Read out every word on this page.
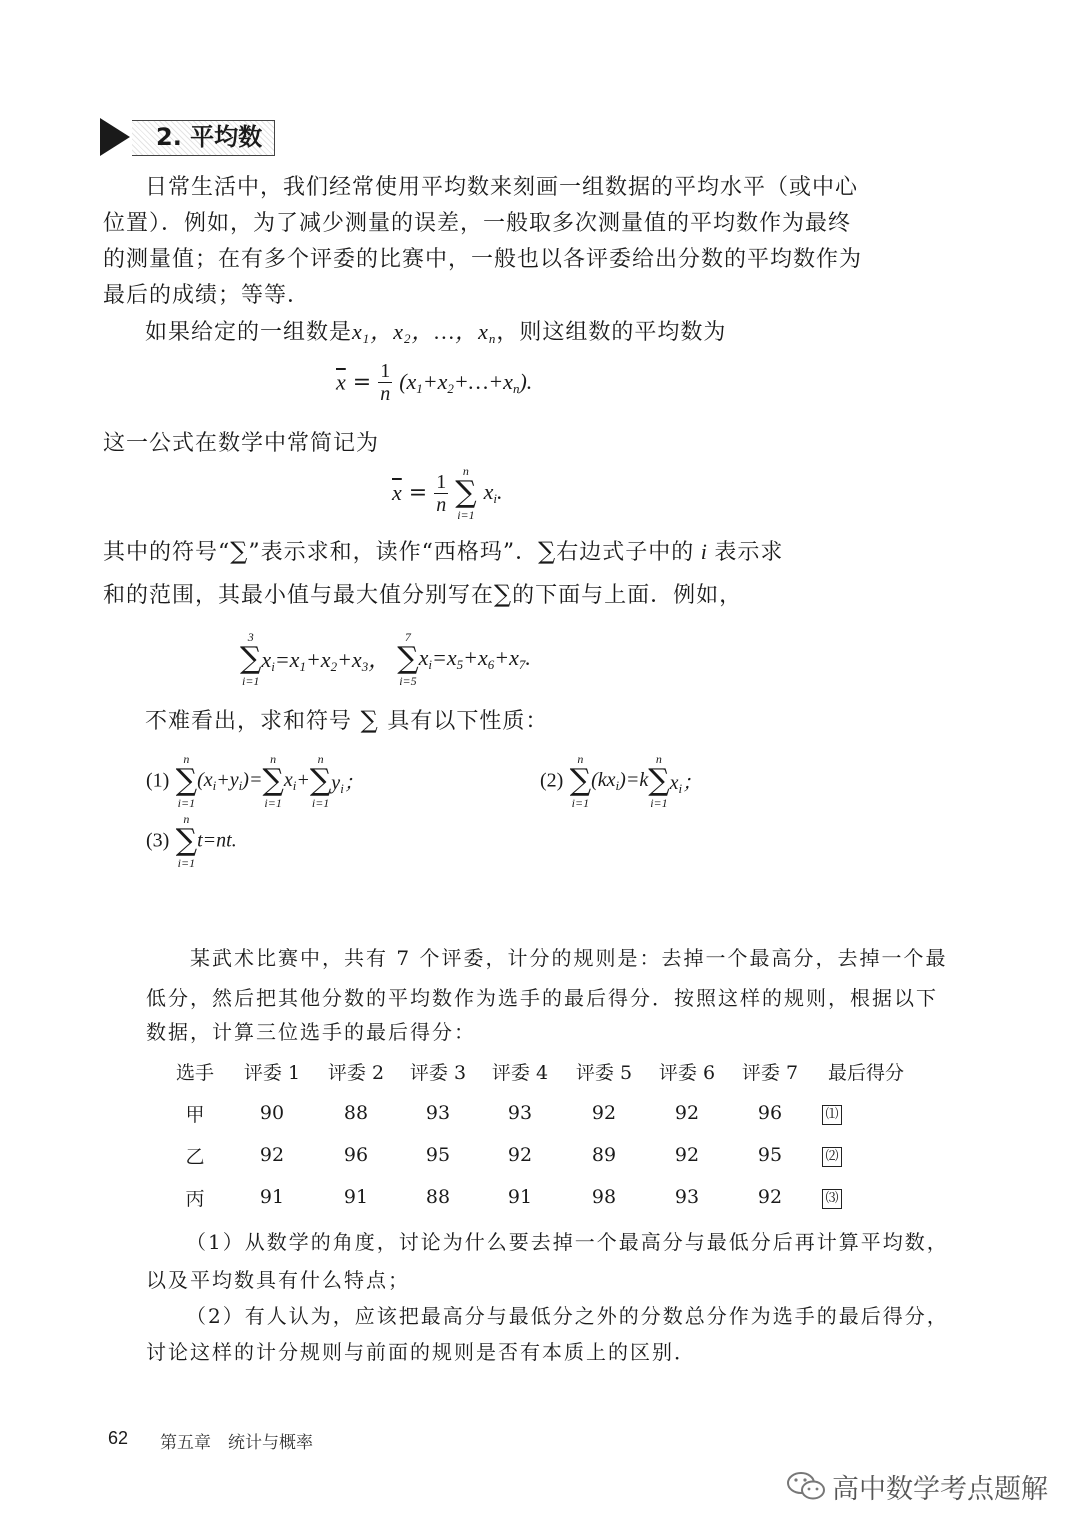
2. 平均数
日常生活中，我们经常使用平均数来刻画一组数据的平均水平（或中心
位置）．例如，为了减少测量的误差，一般取多次测量值的平均数作为最终
的测量值；在有多个评委的比赛中，一般也以各评委给出分数的平均数作为
最后的成绩；等等．
如果给定的一组数是$x_1$，$x_2$，…，$x_n$，则这组数的平均数为
$\overline{x} = \frac{1}{n}$ $(x_1+x_2+\dots+x_n)$.
这一公式在数学中常简记为
$\overline{x} = \frac{1}{n}$
	n
∑
i=1
$x_i$.
其中的符号“∑”表示求和，读作“西格玛”．∑右边式子中的 i 表示求
和的范围，其最小值与最大值分别写在∑的下面与上面．例如，
3
∑
i=1
$x_i=x_1+x_2+x_3$，
7
∑
i=5
$x_i=x_5+x_6+x_7$.
不难看出，求和符号 ∑ 具有以下性质：
(1)
n
∑
i=1
$(x_i+y_i)=$
n
∑
i=1
$x_i+$
n
∑
i=1
$y_i$；	(2)
n
∑
i=1
$(kx_i)=k$
n
∑
i=1
$x_i$；
(3)
n
∑
i=1
t=nt.
某武术比赛中，共有 7 个评委，计分的规则是：去掉一个最高分，去掉一个最
低分，然后把其他分数的平均数作为选手的最后得分．按照这样的规则，根据以下
数据，计算三位选手的最后得分：
选手	评委 1	评委 2	评委 3	评委 4	评委 5	评委 6	评委 7	最后得分
甲	90	88	93	93	92	92	96	⑴
乙	92	96	95	92	89	92	95	⑵
丙	91	91	88	91	98	93	92	⑶
（1）从数学的角度，讨论为什么要去掉一个最高分与最低分后再计算平均数，
以及平均数具有什么特点；
（2）有人认为，应该把最高分与最低分之外的分数总分作为选手的最后得分，
讨论这样的计分规则与前面的规则是否有本质上的区别．
62 第五章　统计与概率
高中数学考点题解
